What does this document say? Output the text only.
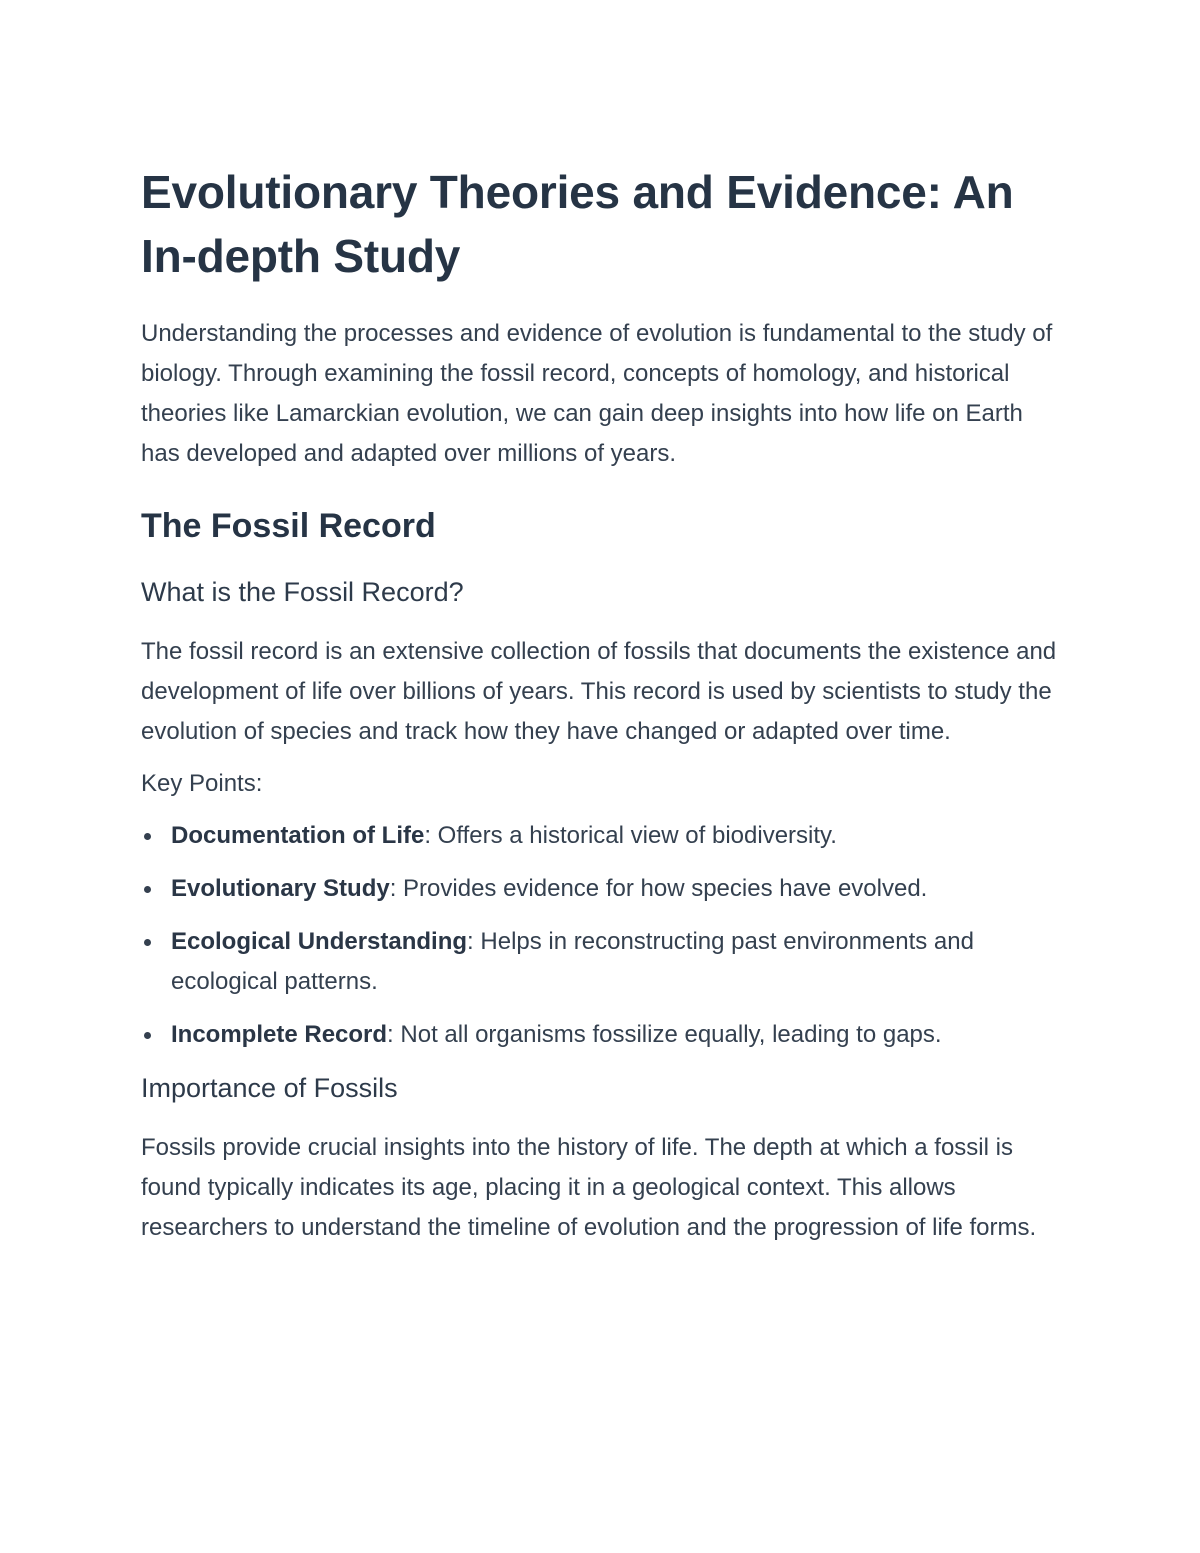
Evolutionary Theories and Evidence: An In-depth Study

Understanding the processes and evidence of evolution is fundamental to the study of biology. Through examining the fossil record, concepts of homology, and historical theories like Lamarckian evolution, we can gain deep insights into how life on Earth has developed and adapted over millions of years.

The Fossil Record
What is the Fossil Record?

The fossil record is an extensive collection of fossils that documents the existence and development of life over billions of years. This record is used by scientists to study the evolution of species and track how they have changed or adapted over time.

Key Points:

Documentation of Life: Offers a historical view of biodiversity.
Evolutionary Study: Provides evidence for how species have evolved.
Ecological Understanding: Helps in reconstructing past environments and ecological patterns.
Incomplete Record: Not all organisms fossilize equally, leading to gaps.
Importance of Fossils

Fossils provide crucial insights into the history of life. The depth at which a fossil is found typically indicates its age, placing it in a geological context. This allows researchers to understand the timeline of evolution and the progression of life forms.
